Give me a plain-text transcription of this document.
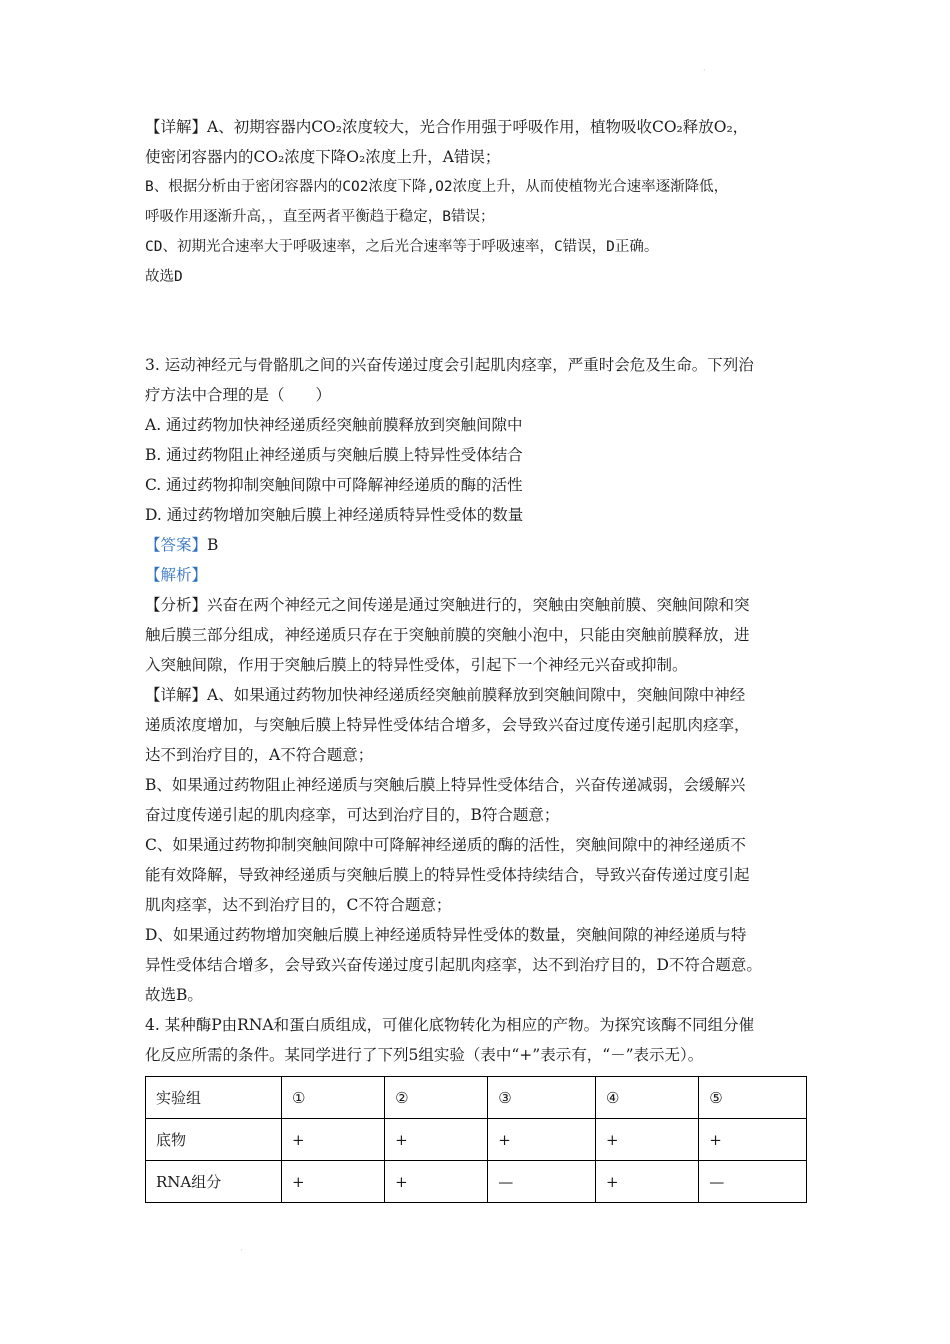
·
【详解】A、初期容器内CO₂浓度较大，光合作用强于呼吸作用，植物吸收CO₂释放O₂，
使密闭容器内的CO₂浓度下降O₂浓度上升，A错误；
B、根据分析由于密闭容器内的CO2浓度下降,O2浓度上升，从而使植物光合速率逐渐降低，
呼吸作用逐渐升高，，直至两者平衡趋于稳定，B错误；
CD、初期光合速率大于呼吸速率，之后光合速率等于呼吸速率，C错误，D正确。
故选D
3. 运动神经元与骨骼肌之间的兴奋传递过度会引起肌肉痉挛，严重时会危及生命。下列治
疗方法中合理的是（　　）
A. 通过药物加快神经递质经突触前膜释放到突触间隙中
B. 通过药物阻止神经递质与突触后膜上特异性受体结合
C. 通过药物抑制突触间隙中可降解神经递质的酶的活性
D. 通过药物增加突触后膜上神经递质特异性受体的数量
【答案】B
【解析】
【分析】兴奋在两个神经元之间传递是通过突触进行的，突触由突触前膜、突触间隙和突
触后膜三部分组成，神经递质只存在于突触前膜的突触小泡中，只能由突触前膜释放，进
入突触间隙，作用于突触后膜上的特异性受体，引起下一个神经元兴奋或抑制。
【详解】A、如果通过药物加快神经递质经突触前膜释放到突触间隙中，突触间隙中神经
递质浓度增加，与突触后膜上特异性受体结合增多，会导致兴奋过度传递引起肌肉痉挛，
达不到治疗目的，A不符合题意；
B、如果通过药物阻止神经递质与突触后膜上特异性受体结合，兴奋传递减弱，会缓解兴
奋过度传递引起的肌肉痉挛，可达到治疗目的，B符合题意；
C、如果通过药物抑制突触间隙中可降解神经递质的酶的活性，突触间隙中的神经递质不
能有效降解，导致神经递质与突触后膜上的特异性受体持续结合，导致兴奋传递过度引起
肌肉痉挛，达不到治疗目的，C不符合题意；
D、如果通过药物增加突触后膜上神经递质特异性受体的数量，突触间隙的神经递质与特
异性受体结合增多，会导致兴奋传递过度引起肌肉痉挛，达不到治疗目的，D不符合题意。
故选B。
4. 某种酶P由RNA和蛋白质组成，可催化底物转化为相应的产物。为探究该酶不同组分催
化反应所需的条件。某同学进行了下列5组实验（表中“+”表示有，“－”表示无）。
实验组	①	②	③	④	⑤
底物	+	+	+	+	+
RNA组分	+	+	—	+	—
·
